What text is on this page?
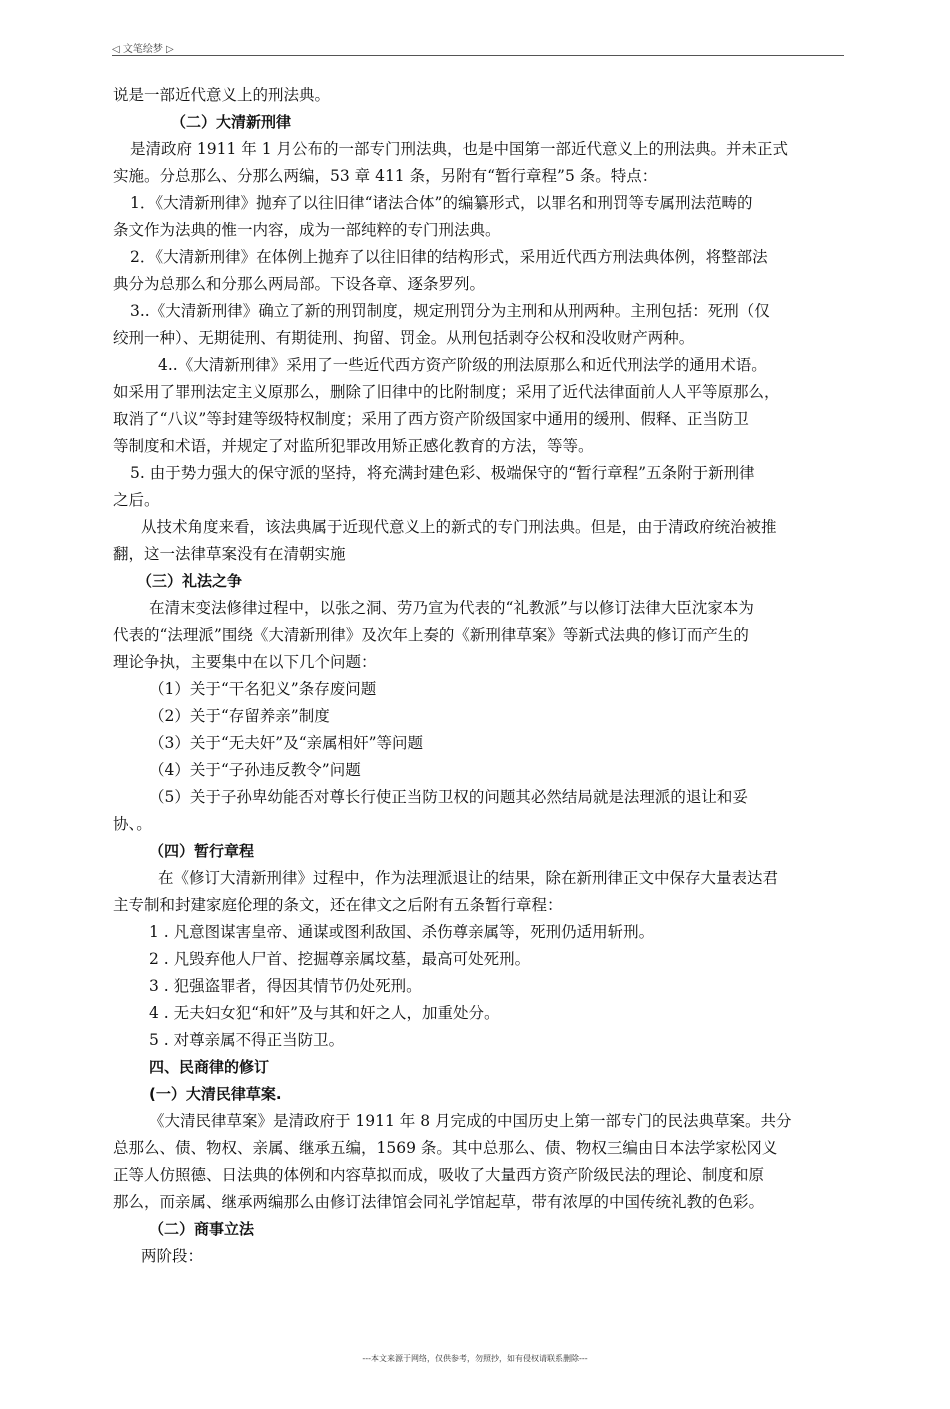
◁ 文笔绘梦 ▷

说是一部近代意义上的刑法典。

（二）大清新刑律

是清政府 1911 年 1 月公布的一部专门刑法典，也是中国第一部近代意义上的刑法典。并未正式

实施。分总那么、分那么两编，53 章 411 条，另附有“暂行章程”5 条。特点：

1．《大清新刑律》抛弃了以往旧律“诸法合体”的编纂形式，以罪名和刑罚等专属刑法范畴的

条文作为法典的惟一内容，成为一部纯粹的专门刑法典。

2．《大清新刑律》在体例上抛弃了以往旧律的结构形式，采用近代西方刑法典体例，将整部法

典分为总那么和分那么两局部。下设各章、逐条罗列。

3..《大清新刑律》确立了新的刑罚制度，规定刑罚分为主刑和从刑两种。主刑包括：死刑（仅

绞刑一种）、无期徒刑、有期徒刑、拘留、罚金。从刑包括剥夺公权和没收财产两种。

4..《大清新刑律》采用了一些近代西方资产阶级的刑法原那么和近代刑法学的通用术语。

如采用了罪刑法定主义原那么，删除了旧律中的比附制度；采用了近代法律面前人人平等原那么，

取消了“八议”等封建等级特权制度；采用了西方资产阶级国家中通用的缓刑、假释、正当防卫

等制度和术语，并规定了对监所犯罪改用矫正感化教育的方法，等等。

5. 由于势力强大的保守派的坚持，将充满封建色彩、极端保守的“暂行章程”五条附于新刑律

之后。

从技术角度来看，该法典属于近现代意义上的新式的专门刑法典。但是，由于清政府统治被推

翻，这一法律草案没有在清朝实施

（三）礼法之争

在清末变法修律过程中，以张之洞、劳乃宣为代表的“礼教派”与以修订法律大臣沈家本为

代表的“法理派”围绕《大清新刑律》及次年上奏的《新刑律草案》等新式法典的修订而产生的

理论争执，主要集中在以下几个问题：

（1）关于“干名犯义”条存废问题

（2）关于“存留养亲”制度

（3）关于“无夫奸”及“亲属相奸”等问题

（4）关于“子孙违反教令”问题

（5）关于子孙卑幼能否对尊长行使正当防卫权的问题其必然结局就是法理派的退让和妥

协、。

（四）暂行章程

在《修订大清新刑律》过程中，作为法理派退让的结果，除在新刑律正文中保存大量表达君

主专制和封建家庭伦理的条文，还在律文之后附有五条暂行章程：

1 . 凡意图谋害皇帝、通谋或图利敌国、杀伤尊亲属等，死刑仍适用斩刑。

2 . 凡毁弃他人尸首、挖掘尊亲属坟墓，最高可处死刑。

3 . 犯强盗罪者，得因其情节仍处死刑。

4 . 无夫妇女犯“和奸”及与其和奸之人，加重处分。

5 . 对尊亲属不得正当防卫。

四、民商律的修订

(一）大清民律草案.

《大清民律草案》是清政府于 1911 年 8 月完成的中国历史上第一部专门的民法典草案。共分

总那么、债、物权、亲属、继承五编，1569 条。其中总那么、债、物权三编由日本法学家松冈义

正等人仿照德、日法典的体例和内容草拟而成，吸收了大量西方资产阶级民法的理论、制度和原

那么，而亲属、继承两编那么由修订法律馆会同礼学馆起草，带有浓厚的中国传统礼教的色彩。

（二）商事立法

两阶段：

---本文来源于网络，仅供参考，勿照抄，如有侵权请联系删除---
